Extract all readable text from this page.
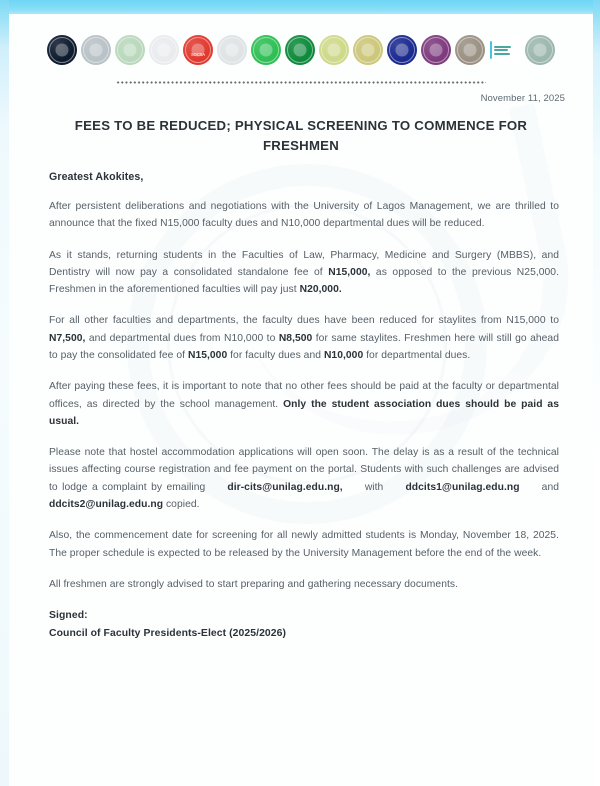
SOCSA
November 11, 2025
FEES TO BE REDUCED; PHYSICAL SCREENING TO COMMENCE FOR FRESHMEN
Greatest Akokites,

After persistent deliberations and negotiations with the University of Lagos Management, we are thrilled to announce that the fixed N15,000 faculty dues and N10,000 departmental dues will be reduced.

As it stands, returning students in the Faculties of Law, Pharmacy, Medicine and Surgery (MBBS), and Dentistry will now pay a consolidated standalone fee of N15,000, as opposed to the previous N25,000. Freshmen in the aforementioned faculties will pay just N20,000.

For all other faculties and departments, the faculty dues have been reduced for staylites from N15,000 to N7,500, and departmental dues from N10,000 to N8,500 for same staylites. Freshmen here will still go ahead to pay the consolidated fee of N15,000 for faculty dues and N10,000 for departmental dues.

After paying these fees, it is important to note that no other fees should be paid at the faculty or departmental offices, as directed by the school management. Only the student association dues should be paid as usual.

Please note that hostel accommodation applications will open soon. The delay is as a result of the technical issues affecting course registration and fee payment on the portal. Students with such challenges are advised to lodge a complaint by emailing     dir-cits@unilag.edu.ng,     with     ddcits1@unilag.edu.ng     and ddcits2@unilag.edu.ng copied.

Also, the commencement date for screening for all newly admitted students is Monday, November 18, 2025. The proper schedule is expected to be released by the University Management before the end of the week.

All freshmen are strongly advised to start preparing and gathering necessary documents.

Signed:
Council of Faculty Presidents-Elect (2025/2026)
